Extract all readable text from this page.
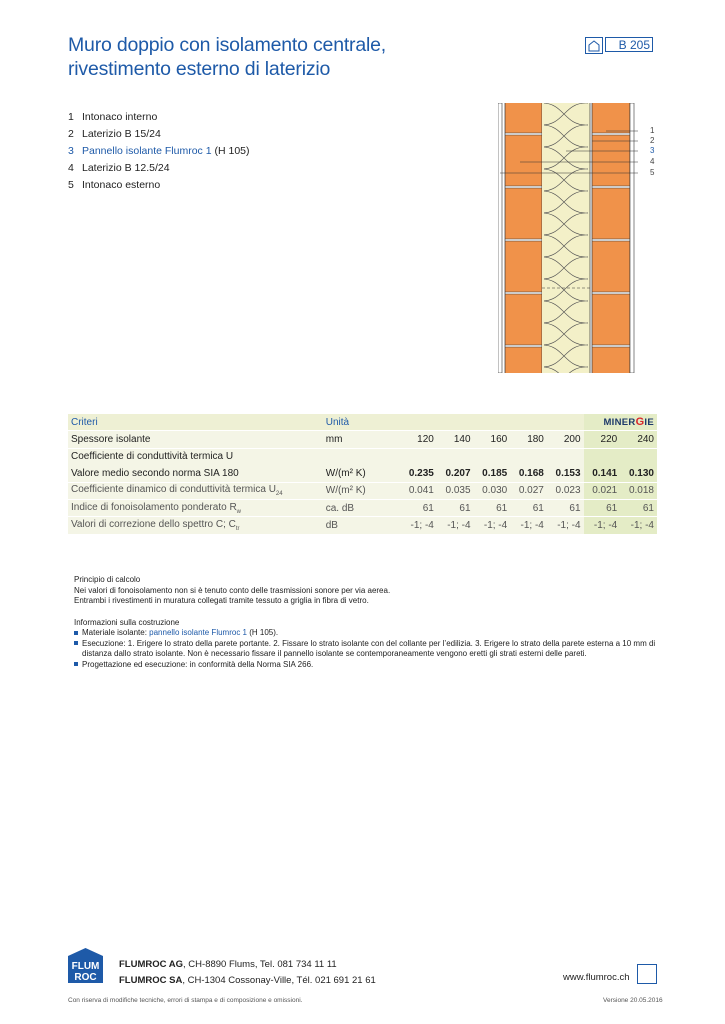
Muro doppio con isolamento centrale,
rivestimento esterno di laterizio
B 205
1 Intonaco interno
2 Laterizio B 15/24
3 Pannello isolante Flumroc 1 (H 105)
4 Laterizio B 12.5/24
5 Intonaco esterno
1
2
3
4
5
Criteri	Unità						MINERGIE	
Spessore isolante	mm	120	140	160	180	200	220	240
Coefficiente di conduttività termica U								
Valore medio secondo norma SIA 180	W/(m² K)	0.235	0.207	0.185	0.168	0.153	0.141	0.130
Coefficiente dinamico di conduttività termica $U_{24}$	W/(m² K)	0.041	0.035	0.030	0.027	0.023	0.021	0.018
Indice di fonoisolamento ponderato $R_w$	ca. dB	61	61	61	61	61	61	61
Valori di correzione dello spettro C; $C_{tr}$	dB	-1; -4	-1; -4	-1; -4	-1; -4	-1; -4	-1; -4	-1; -4
Principio di calcolo
Nei valori di fonoisolamento non si è tenuto conto delle trasmissioni sonore per via aerea.
Entrambi i rivestimenti in muratura collegati tramite tessuto a griglia in fibra di vetro.
Informazioni sulla costruzione
Materiale isolante: pannello isolante Flumroc 1 (H 105).
Esecuzione: 1. Erigere lo strato della parete portante. 2. Fissare lo strato isolante con del collante per l’edilizia. 3. Erigere lo strato della parete esterna a 10 mm di
distanza dallo strato isolante. Non è necessario fissare il pannello isolante se contemporaneamente vengono eretti gli strati esterni delle pareti.
Progettazione ed esecuzione: in conformità della Norma SIA 266.
FLUM
ROC
FLUMROC AG, CH-8890 Flums, Tel. 081 734 11 11
FLUMROC SA, CH-1304 Cossonay-Ville, Tél. 021 691 21 61	www.flumroc.ch
Con riserva di modifiche tecniche, errori di stampa e di composizione e omissioni.	Versione 20.05.2016
